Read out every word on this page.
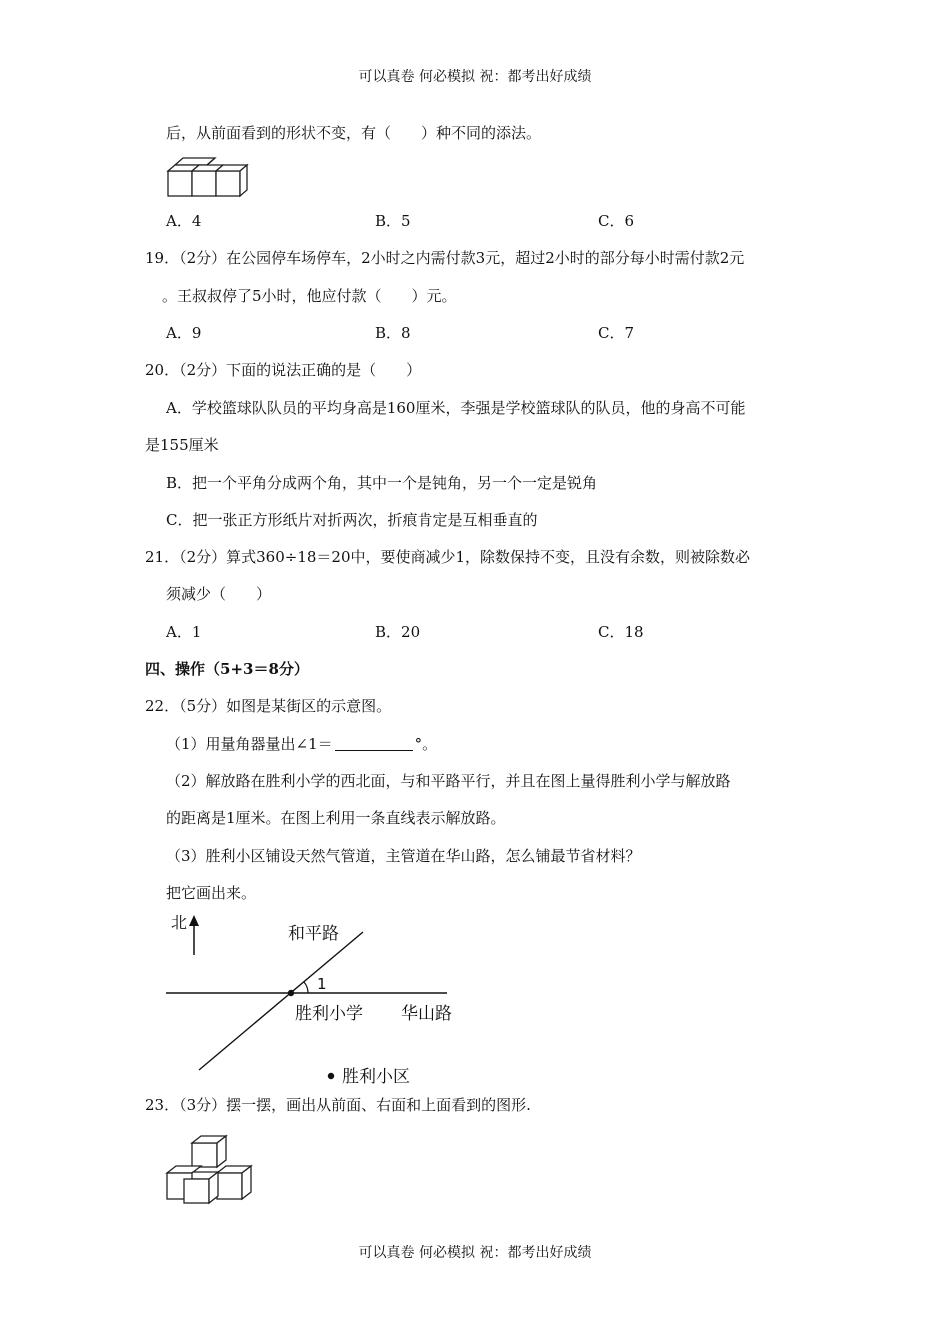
可以真卷 何必模拟 祝：都考出好成绩
后，从前面看到的形状不变，有（　　）种不同的添法。
A．4	B．5	C．6
19．（2分）在公园停车场停车，2小时之内需付款3元，超过2小时的部分每小时需付款2元
。王叔叔停了5小时，他应付款（　　）元。
A．9	B．8	C．7
20．（2分）下面的说法正确的是（　　）
A．学校篮球队队员的平均身高是160厘米，李强是学校篮球队的队员，他的身高不可能
是155厘米
B．把一个平角分成两个角，其中一个是钝角，另一个一定是锐角
C．把一张正方形纸片对折两次，折痕肯定是互相垂直的
21．（2分）算式360÷18＝20中，要使商减少1，除数保持不变，且没有余数，则被除数必
须减少（　　）
A．1	B．20	C．18
四、操作（5+3＝8分）
22．（5分）如图是某街区的示意图。
（1）用量角器量出∠1＝	°。
（2）解放路在胜利小学的西北面，与和平路平行，并且在图上量得胜利小学与解放路
的距离是1厘米。在图上利用一条直线表示解放路。
（3）胜利小区铺设天然气管道，主管道在华山路，怎么铺最节省材料？
把它画出来。
北
和平路
华山路
1
胜利小学
胜利小区
23．（3分）摆一摆，画出从前面、右面和上面看到的图形.
可以真卷 何必模拟 祝：都考出好成绩
